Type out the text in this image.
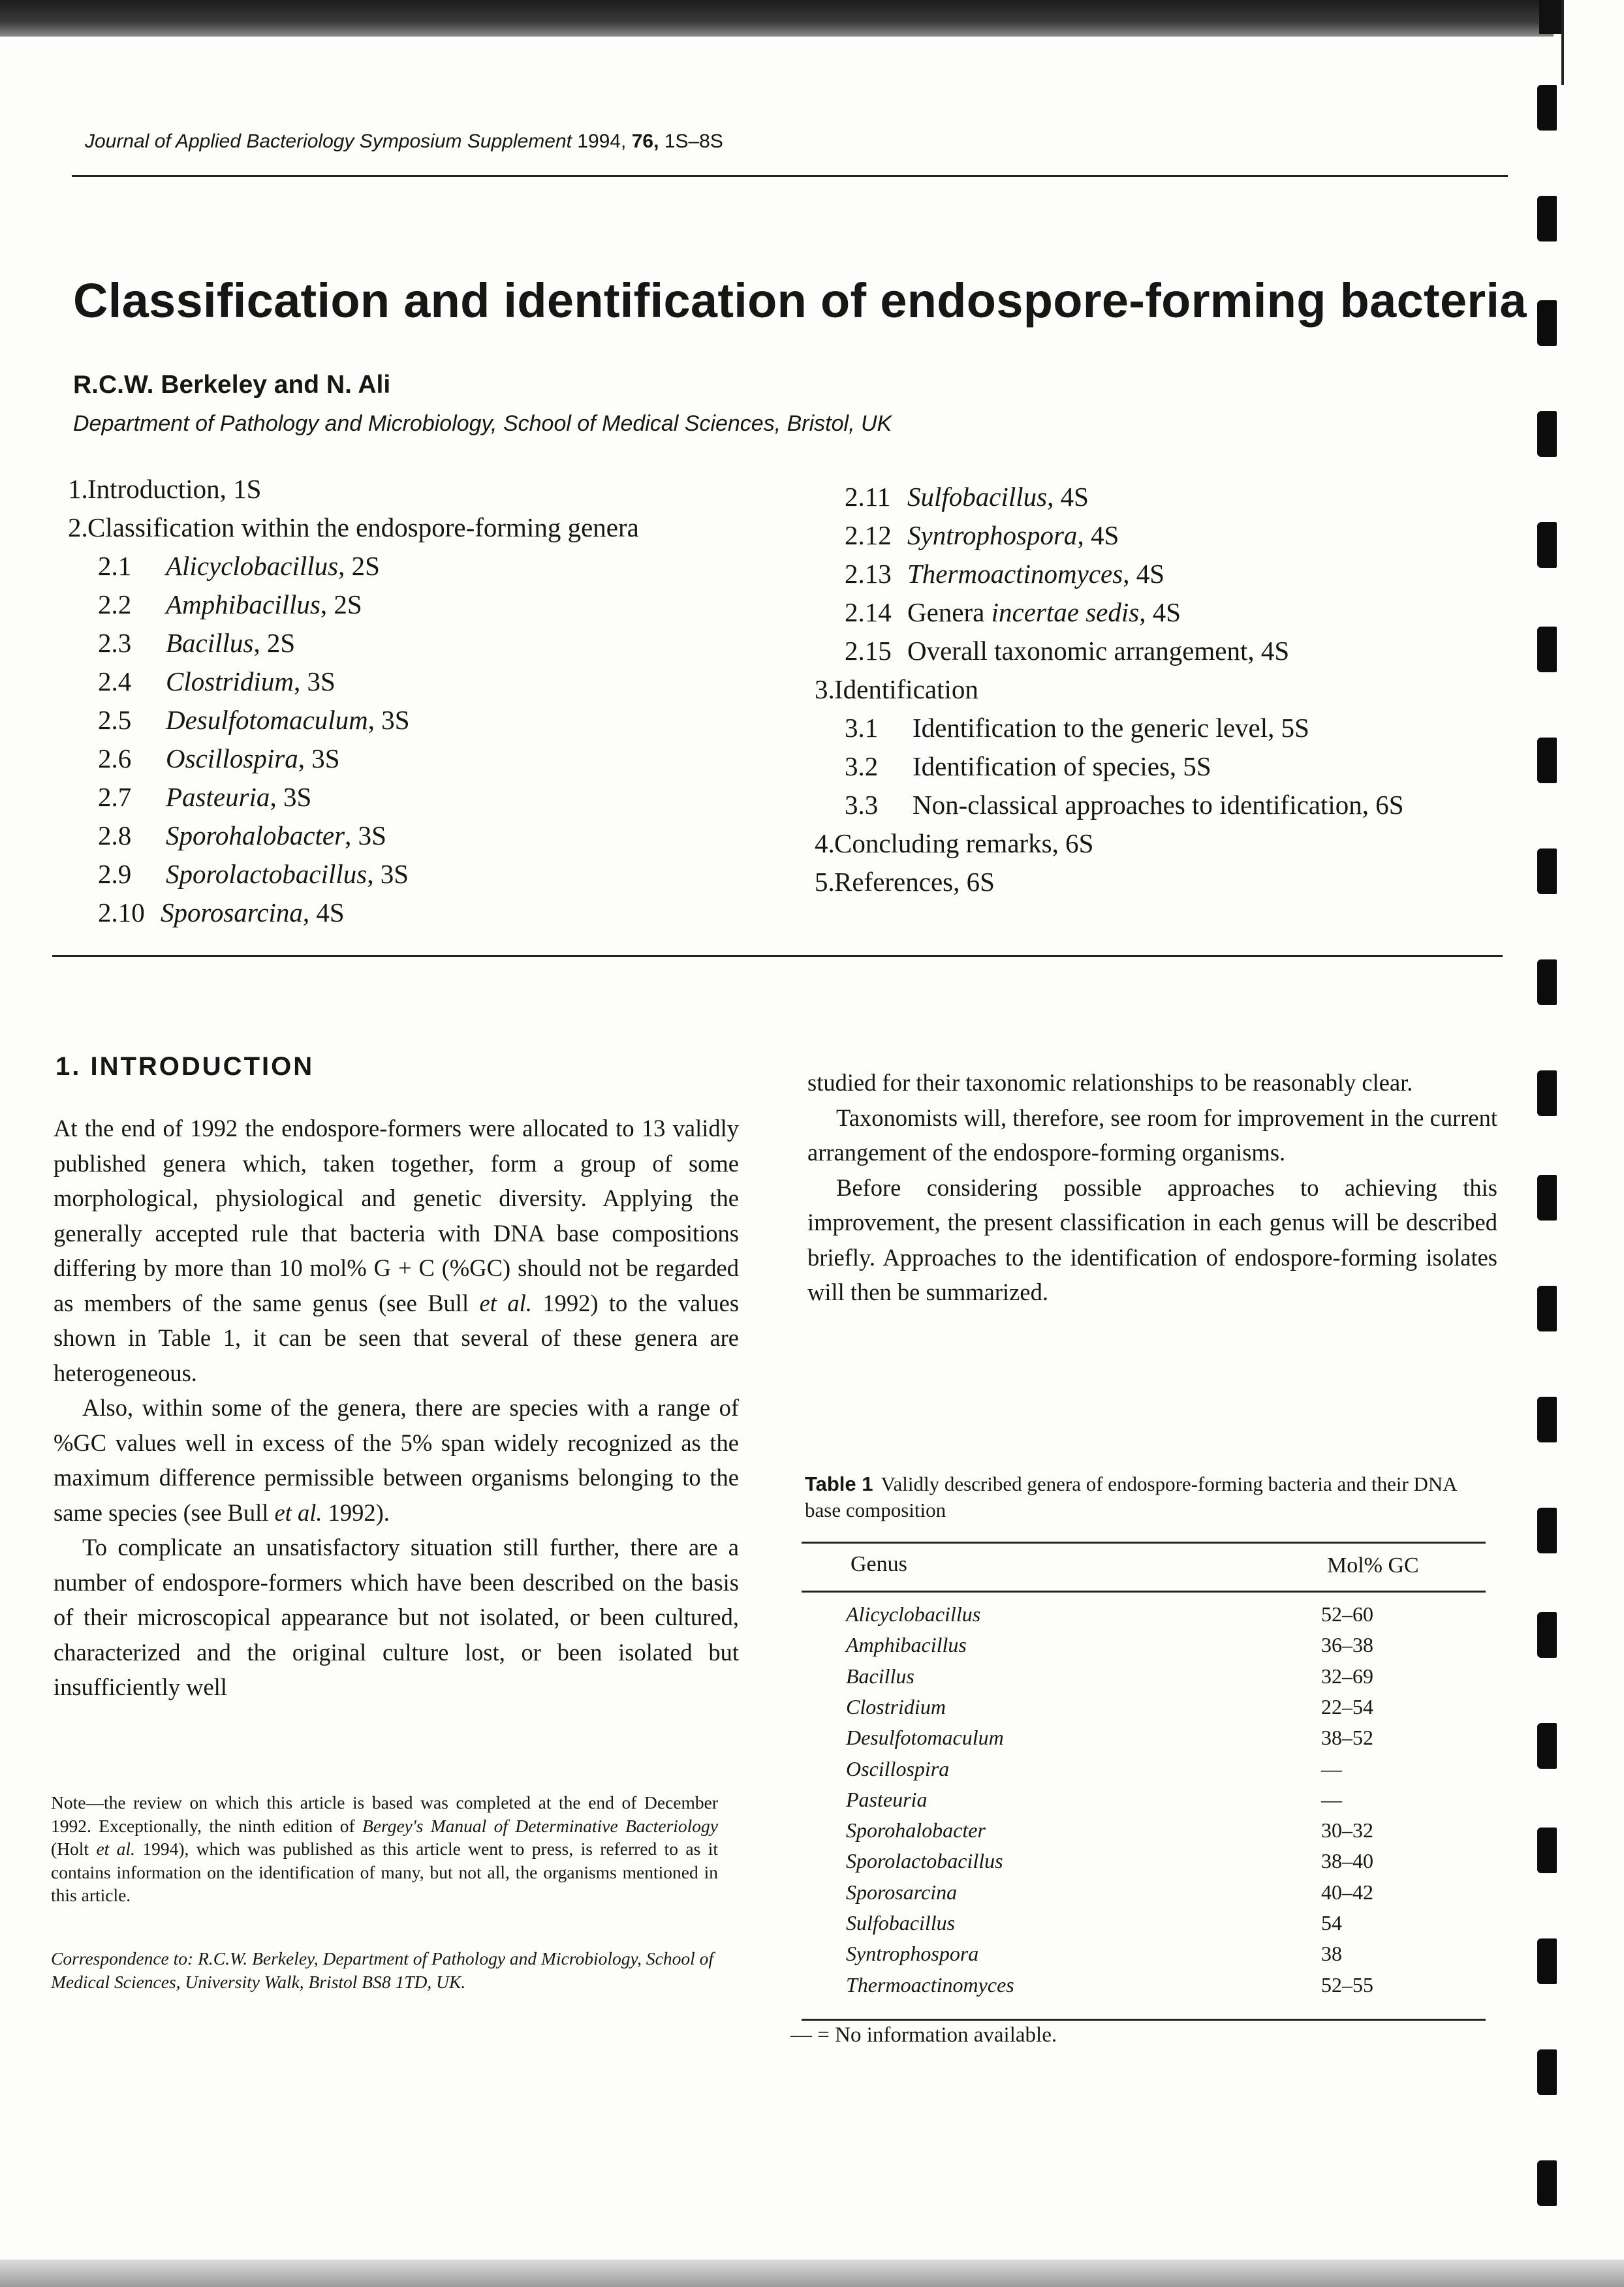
Journal of Applied Bacteriology Symposium Supplement 1994, 76, 1S–8S
Classification and identification of endospore-forming bacteria
R.C.W. Berkeley and N. Ali
Department of Pathology and Microbiology, School of Medical Sciences, Bristol, UK
1.Introduction, 1S
2.Classification within the endospore-forming genera
2.1 Alicyclobacillus, 2S
2.2 Amphibacillus, 2S
2.3 Bacillus, 2S
2.4 Clostridium, 3S
2.5 Desulfotomaculum, 3S
2.6 Oscillospira, 3S
2.7 Pasteuria, 3S
2.8 Sporohalobacter, 3S
2.9 Sporolactobacillus, 3S
2.10 Sporosarcina, 4S
2.11 Sulfobacillus, 4S
2.12 Syntrophospora, 4S
2.13 Thermoactinomyces, 4S
2.14 Genera incertae sedis, 4S
2.15 Overall taxonomic arrangement, 4S
3.Identification
3.1 Identification to the generic level, 5S
3.2 Identification of species, 5S
3.3 Non-classical approaches to identification, 6S
4.Concluding remarks, 6S
5.References, 6S
1. INTRODUCTION

At the end of 1992 the endospore-formers were allocated to 13 validly published genera which, taken together, form a group of some morphological, physiological and genetic diversity. Applying the generally accepted rule that bacteria with DNA base compositions differing by more than 10 mol% G + C (%GC) should not be regarded as members of the same genus (see Bull et al. 1992) to the values shown in Table 1, it can be seen that several of these genera are heterogeneous.

Also, within some of the genera, there are species with a range of %GC values well in excess of the 5% span widely recognized as the maximum difference permissible between organisms belonging to the same species (see Bull et al. 1992).

To complicate an unsatisfactory situation still further, there are a number of endospore-formers which have been described on the basis of their microscopical appearance but not isolated, or been cultured, characterized and the original culture lost, or been isolated but insufficiently well

studied for their taxonomic relationships to be reasonably clear.

Taxonomists will, therefore, see room for improvement in the current arrangement of the endospore-forming organisms.

Before considering possible approaches to achieving this improvement, the present classification in each genus will be described briefly. Approaches to the identification of endospore-forming isolates will then be summarized.

Note—the review on which this article is based was completed at the end of December 1992. Exceptionally, the ninth edition of Bergey's Manual of Determinative Bacteriology (Holt et al. 1994), which was published as this article went to press, is referred to as it contains information on the identification of many, but not all, the organisms mentioned in this article.

Correspondence to: R.C.W. Berkeley, Department of Pathology and Microbiology, School of Medical Sciences, University Walk, Bristol BS8 1TD, UK.
Table 1 Validly described genera of endospore-forming bacteria and their DNA base composition
Genus	Mol% GC
Alicyclobacillus	52–60
Amphibacillus	36–38
Bacillus	32–69
Clostridium	22–54
Desulfotomaculum	38–52
Oscillospira	—
Pasteuria	—
Sporohalobacter	30–32
Sporolactobacillus	38–40
Sporosarcina	40–42
Sulfobacillus	54
Syntrophospora	38
Thermoactinomyces	52–55
— = No information available.
